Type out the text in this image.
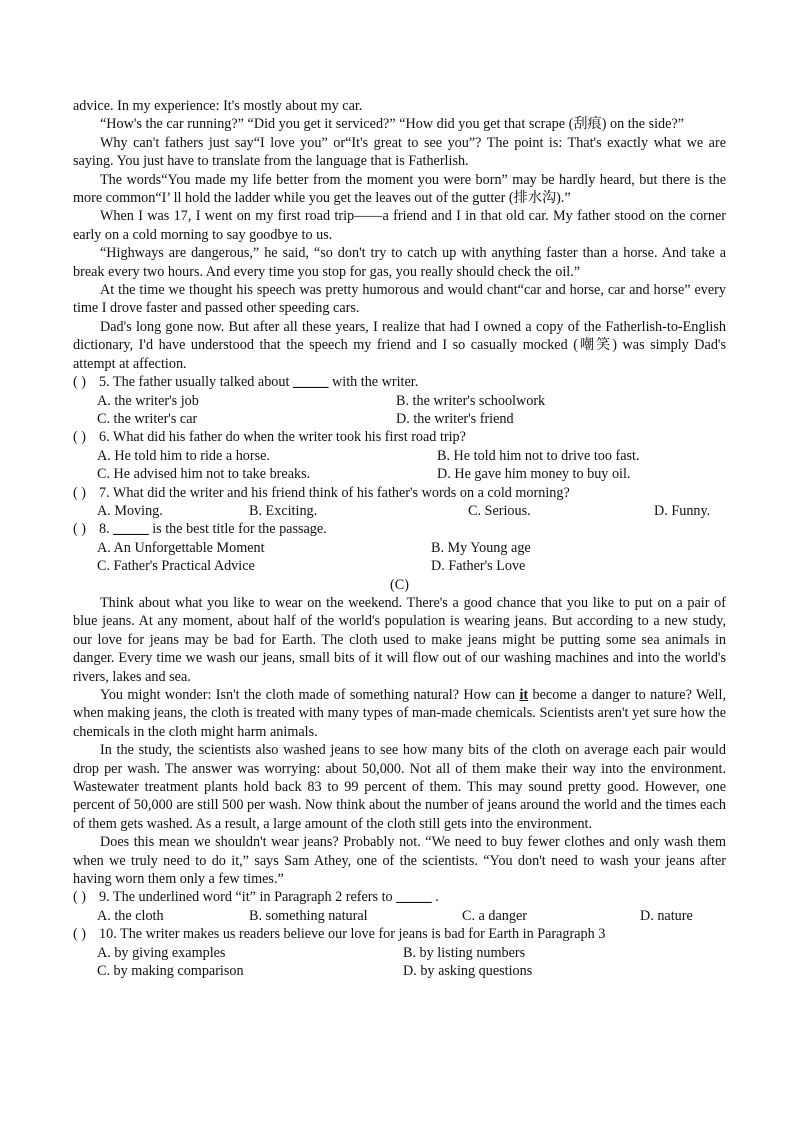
advice. In my experience: It's mostly about my car.

“How's the car running?” “Did you get it serviced?” “How did you get that scrape (刮痕) on the side?”

Why can't fathers just say“I love you” or“It's great to see you”? The point is: That's exactly what we are saying. You just have to translate from the language that is Fatherlish.

The words“You made my life better from the moment you were born” may be hardly heard, but there is the more common“I’ ll hold the ladder while you get the leaves out of the gutter (排水沟).”

When I was 17, I went on my first road trip——a friend and I in that old car. My father stood on the corner early on a cold morning to say goodbye to us.

“Highways are dangerous,” he said, “so don't try to catch up with anything faster than a horse. And take a break every two hours. And every time you stop for gas, you really should check the oil.”

At the time we thought his speech was pretty humorous and would chant“car and horse, car and horse” every time I drove faster and passed other speeding cars.

Dad's long gone now. But after all these years, I realize that had I owned a copy of the Fatherlish-to-English dictionary, I'd have understood that the speech my friend and I so casually mocked (嘲笑) was simply Dad's attempt at affection.

( ) 5. The father usually talked about _____ with the writer.
A. the writer's job	B. the writer's schoolwork
C. the writer's car	D. the writer's friend
( ) 6. What did his father do when the writer took his first road trip?
A. He told him to ride a horse.	B. He told him not to drive too fast.
C. He advised him not to take breaks.	D. He gave him money to buy oil.
( ) 7. What did the writer and his friend think of his father's words on a cold morning?
A. Moving.	B. Exciting.	C. Serious.	D. Funny.
( ) 8. _____ is the best title for the passage.
A. An Unforgettable Moment	B. My Young age
C. Father's Practical Advice	D. Father's Love

(C)

Think about what you like to wear on the weekend. There's a good chance that you like to put on a pair of blue jeans. At any moment, about half of the world's population is wearing jeans. But according to a new study, our love for jeans may be bad for Earth. The cloth used to make jeans might be putting some sea animals in danger. Every time we wash our jeans, small bits of it will flow out of our washing machines and into the world's rivers, lakes and sea.

You might wonder: Isn't the cloth made of something natural? How can it become a danger to nature? Well, when making jeans, the cloth is treated with many types of man-made chemicals. Scientists aren't yet sure how the chemicals in the cloth might harm animals.

In the study, the scientists also washed jeans to see how many bits of the cloth on average each pair would drop per wash. The answer was worrying: about 50,000. Not all of them make their way into the environment. Wastewater treatment plants hold back 83 to 99 percent of them. This may sound pretty good. However, one percent of 50,000 are still 500 per wash. Now think about the number of jeans around the world and the times each of them gets washed. As a result, a large amount of the cloth still gets into the environment.

Does this mean we shouldn't wear jeans? Probably not. “We need to buy fewer clothes and only wash them when we truly need to do it,” says Sam Athey, one of the scientists. “You don't need to wash your jeans after having worn them only a few times.”

( ) 9. The underlined word “it” in Paragraph 2 refers to _____ .
A. the cloth	B. something natural	C. a danger	D. nature
( ) 10. The writer makes us readers believe our love for jeans is bad for Earth in Paragraph 3
A. by giving examples	B. by listing numbers
C. by making comparison	D. by asking questions
